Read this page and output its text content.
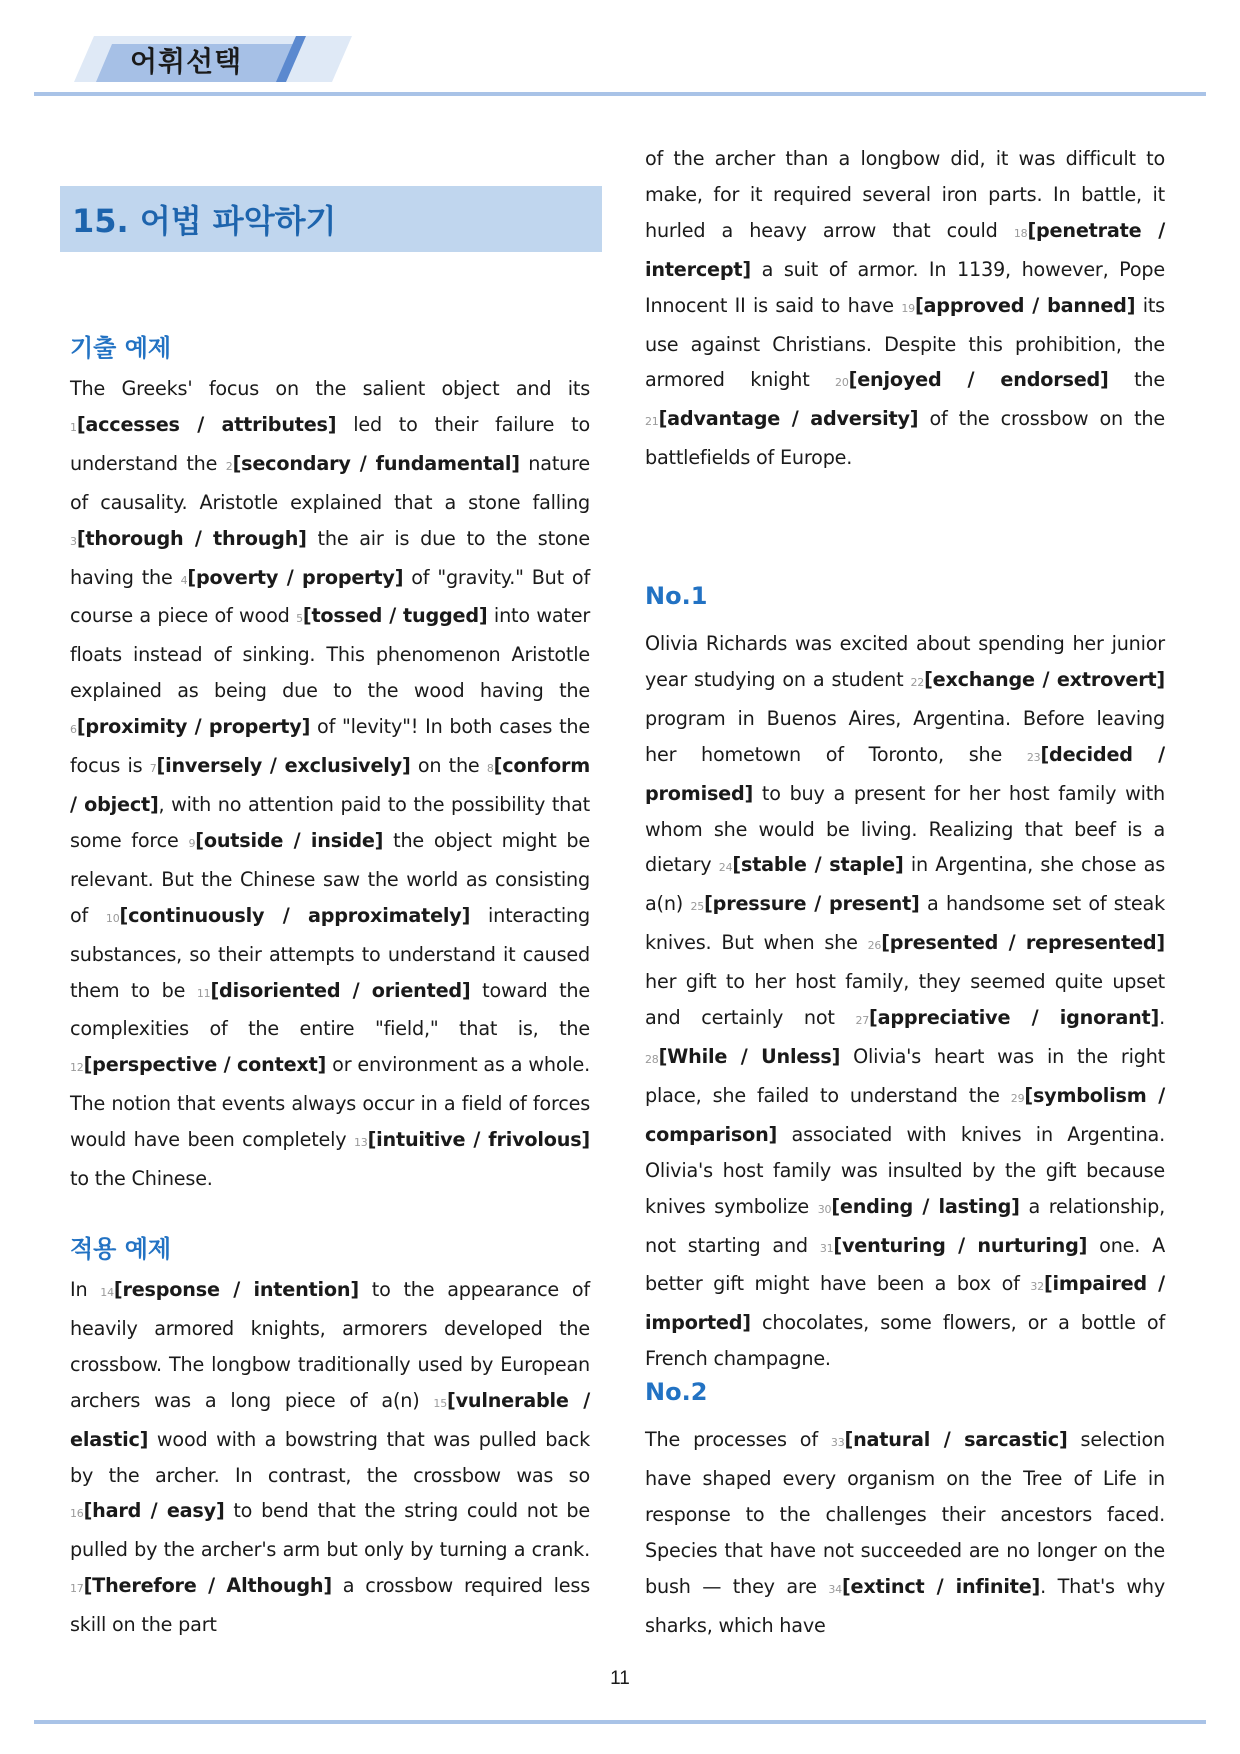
어휘선택
15. 어법 파악하기
기출 예제

The Greeks' focus on the salient object and its 1[accesses / attributes] led to their failure to understand the 2[secondary / fundamental] nature of causality. Aristotle explained that a stone falling 3[thorough / through] the air is due to the stone having the 4[poverty / property] of "gravity." But of course a piece of wood 5[tossed / tugged] into water floats instead of sinking. This phenomenon Aristotle explained as being due to the wood having the 6[proximity / property] of "levity"! In both cases the focus is 7[inversely / exclusively] on the 8[conform / object], with no attention paid to the possibility that some force 9[outside / inside] the object might be relevant. But the Chinese saw the world as consisting of 10[continuously / approximately] interacting substances, so their attempts to understand it caused them to be 11[disoriented / oriented] toward the complexities of the entire "field," that is, the 12[perspective / context] or environment as a whole. The notion that events always occur in a field of forces would have been completely 13[intuitive / frivolous] to the Chinese.

적용 예제

In 14[response / intention] to the appearance of heavily armored knights, armorers developed the crossbow. The longbow traditionally used by European archers was a long piece of a(n) 15[vulnerable / elastic] wood with a bowstring that was pulled back by the archer. In contrast, the crossbow was so 16[hard / easy] to bend that the string could not be pulled by the archer's arm but only by turning a crank. 17[Therefore / Although] a crossbow required less skill on the part

of the archer than a longbow did, it was difficult to make, for it required several iron parts. In battle, it hurled a heavy arrow that could 18[penetrate / intercept] a suit of armor. In 1139, however, Pope Innocent II is said to have 19[approved / banned] its use against Christians. Despite this prohibition, the armored knight 20[enjoyed / endorsed] the 21[advantage / adversity] of the crossbow on the battlefields of Europe.

No.1

Olivia Richards was excited about spending her junior year studying on a student 22[exchange / extrovert] program in Buenos Aires, Argentina. Before leaving her hometown of Toronto, she 23[decided / promised] to buy a present for her host family with whom she would be living. Realizing that beef is a dietary 24[stable / staple] in Argentina, she chose as a(n) 25[pressure / present] a handsome set of steak knives. But when she 26[presented / represented] her gift to her host family, they seemed quite upset and certainly not 27[appreciative / ignorant]. 28[While / Unless] Olivia's heart was in the right place, she failed to understand the 29[symbolism / comparison] associated with knives in Argentina. Olivia's host family was insulted by the gift because knives symbolize 30[ending / lasting] a relationship, not starting and 31[venturing / nurturing] one. A better gift might have been a box of 32[impaired / imported] chocolates, some flowers, or a bottle of French champagne.

No.2

The processes of 33[natural / sarcastic] selection have shaped every organism on the Tree of Life in response to the challenges their ancestors faced. Species that have not succeeded are no longer on the bush — they are 34[extinct / infinite]. That's why sharks, which have

11
